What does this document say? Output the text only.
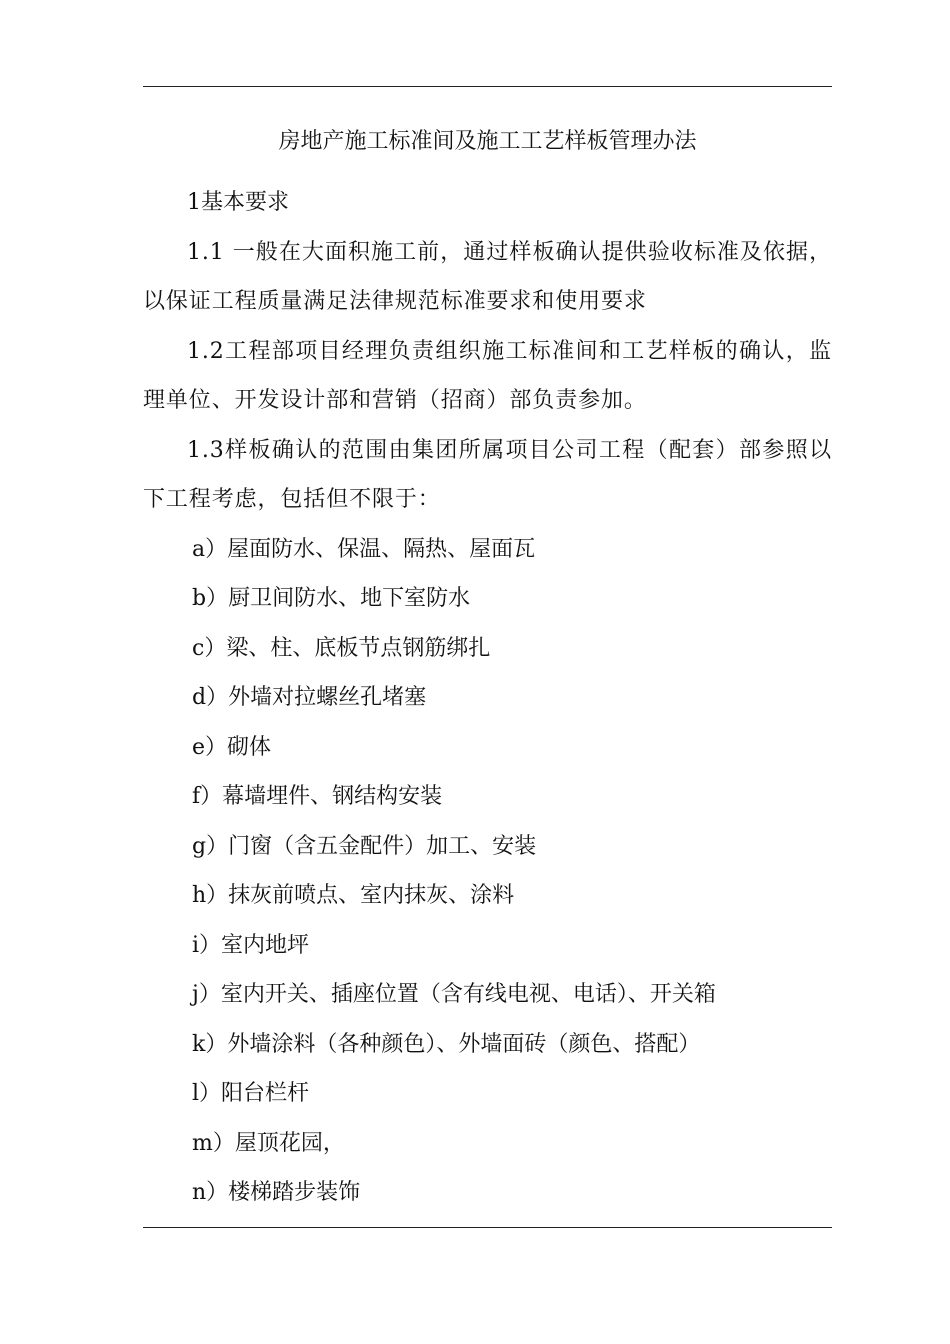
房地产施工标准间及施工工艺样板管理办法

1基本要求

1.1 一般在大面积施工前，通过样板确认提供验收标准及依据，以保证工程质量满足法律规范标准要求和使用要求

1.2工程部项目经理负责组织施工标准间和工艺样板的确认，监理单位、开发设计部和营销（招商）部负责参加。

1.3样板确认的范围由集团所属项目公司工程（配套）部参照以下工程考虑，包括但不限于：

a）屋面防水、保温、隔热、屋面瓦

b）厨卫间防水、地下室防水

c）梁、柱、底板节点钢筋绑扎

d）外墙对拉螺丝孔堵塞

e）砌体

f）幕墙埋件、钢结构安装

g）门窗（含五金配件）加工、安装

h）抹灰前喷点、室内抹灰、涂料

i）室内地坪

j）室内开关、插座位置（含有线电视、电话）、开关箱

k）外墙涂料（各种颜色）、外墙面砖（颜色、搭配）

l）阳台栏杆

m）屋顶花园，

n）楼梯踏步装饰
